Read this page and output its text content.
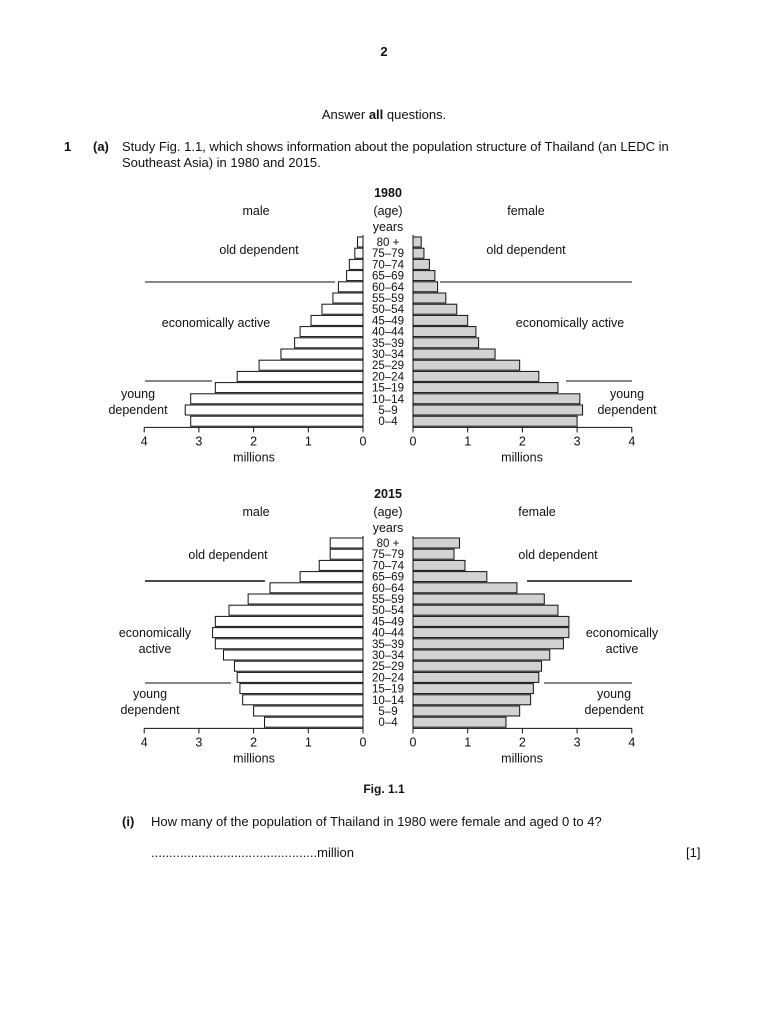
2
Answer all questions.
1 (a) Study Fig. 1.1, which shows information about the population structure of Thailand (an LEDC in Southeast Asia) in 1980 and 2015.
1980
male	female
(age)
years
80 +
75–79
70–74
65–69
60–64
55–59
50–54
45–49
40–44
35–39
30–34
25–29
20–24
15–19
10–14
5–9
0–4
4	0
3	1
2	2
1	3
0	4
millions	millions
old dependent	old dependent
economically active	economically active
young	young
dependent	dependent
2015
male	female
(age)
years
80 +
75–79
70–74
65–69
60–64
55–59
50–54
45–49
40–44
35–39
30–34
25–29
20–24
15–19
10–14
5–9
0–4
4	0
3	1
2	2
1	3
0	4
millions	millions
old dependent	old dependent
economically	economically
active	active
young	young
dependent	dependent
Fig. 1.1
(i) How many of the population of Thailand in 1980 were female and aged 0 to 4?
..............................................million	[1]
